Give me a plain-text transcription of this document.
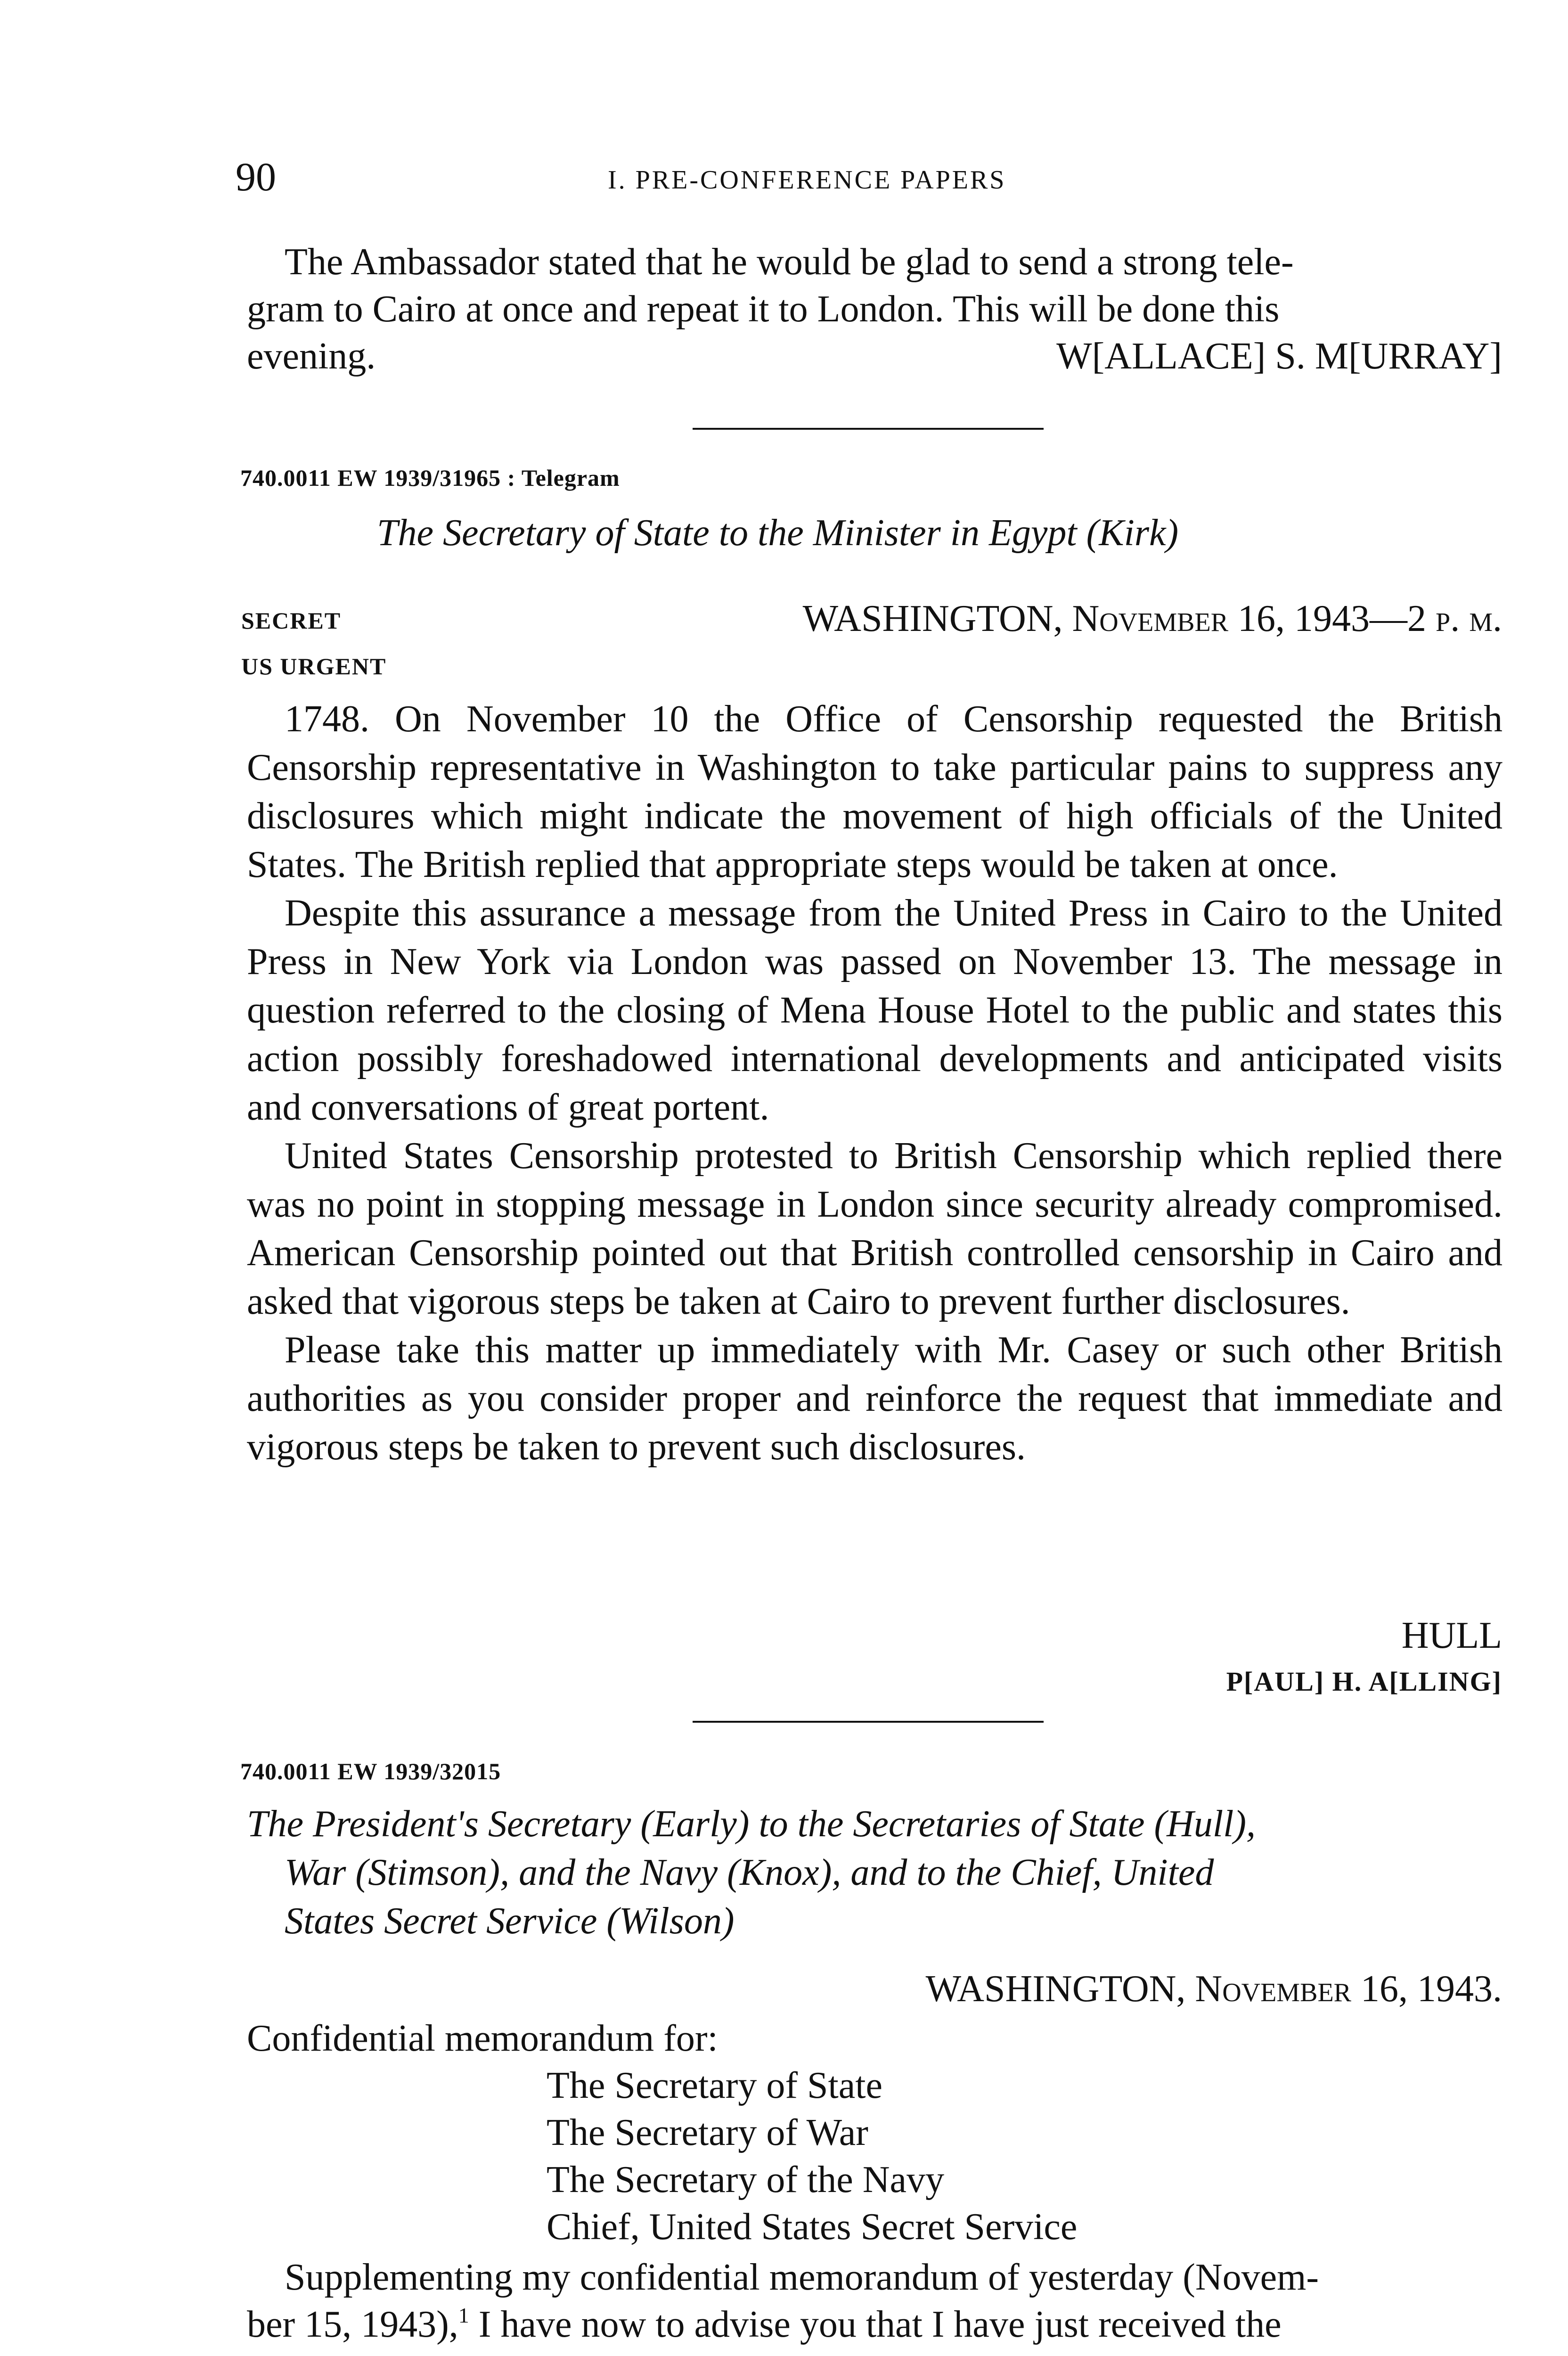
90	I. PRE-CONFERENCE PAPERS
The Ambassador stated that he would be glad to send a strong tele-
gram to Cairo at once and repeat it to London. This will be done this
evening.	W[ALLACE] S. M[URRAY]
740.0011 EW 1939/31965 : Telegram
The Secretary of State to the Minister in Egypt (Kirk)
SECRET	WASHINGTON, November 16, 1943—2 p. m.
US URGENT

1748. On November 10 the Office of Censorship requested the British Censorship representative in Washington to take particular pains to suppress any disclosures which might indicate the movement of high officials of the United States. The British replied that appropriate steps would be taken at once.

Despite this assurance a message from the United Press in Cairo to the United Press in New York via London was passed on November 13. The message in question referred to the closing of Mena House Hotel to the public and states this action possibly foreshadowed international developments and anticipated visits and conversations of great portent.

United States Censorship protested to British Censorship which replied there was no point in stopping message in London since security already compromised. American Censorship pointed out that British controlled censorship in Cairo and asked that vigorous steps be taken at Cairo to prevent further disclosures.

Please take this matter up immediately with Mr. Casey or such other British authorities as you consider proper and reinforce the request that immediate and vigorous steps be taken to prevent such disclosures.

HULL
P[AUL] H. A[LLING]
740.0011 EW 1939/32015
The President's Secretary (Early) to the Secretaries of State (Hull),
War (Stimson), and the Navy (Knox), and to the Chief, United
States Secret Service (Wilson)
WASHINGTON, November 16, 1943.
Confidential memorandum for:
The Secretary of State
The Secretary of War
The Secretary of the Navy
Chief, United States Secret Service
Supplementing my confidential memorandum of yesterday (Novem-
ber 15, 1943),$^1$ I have now to advise you that I have just received the
